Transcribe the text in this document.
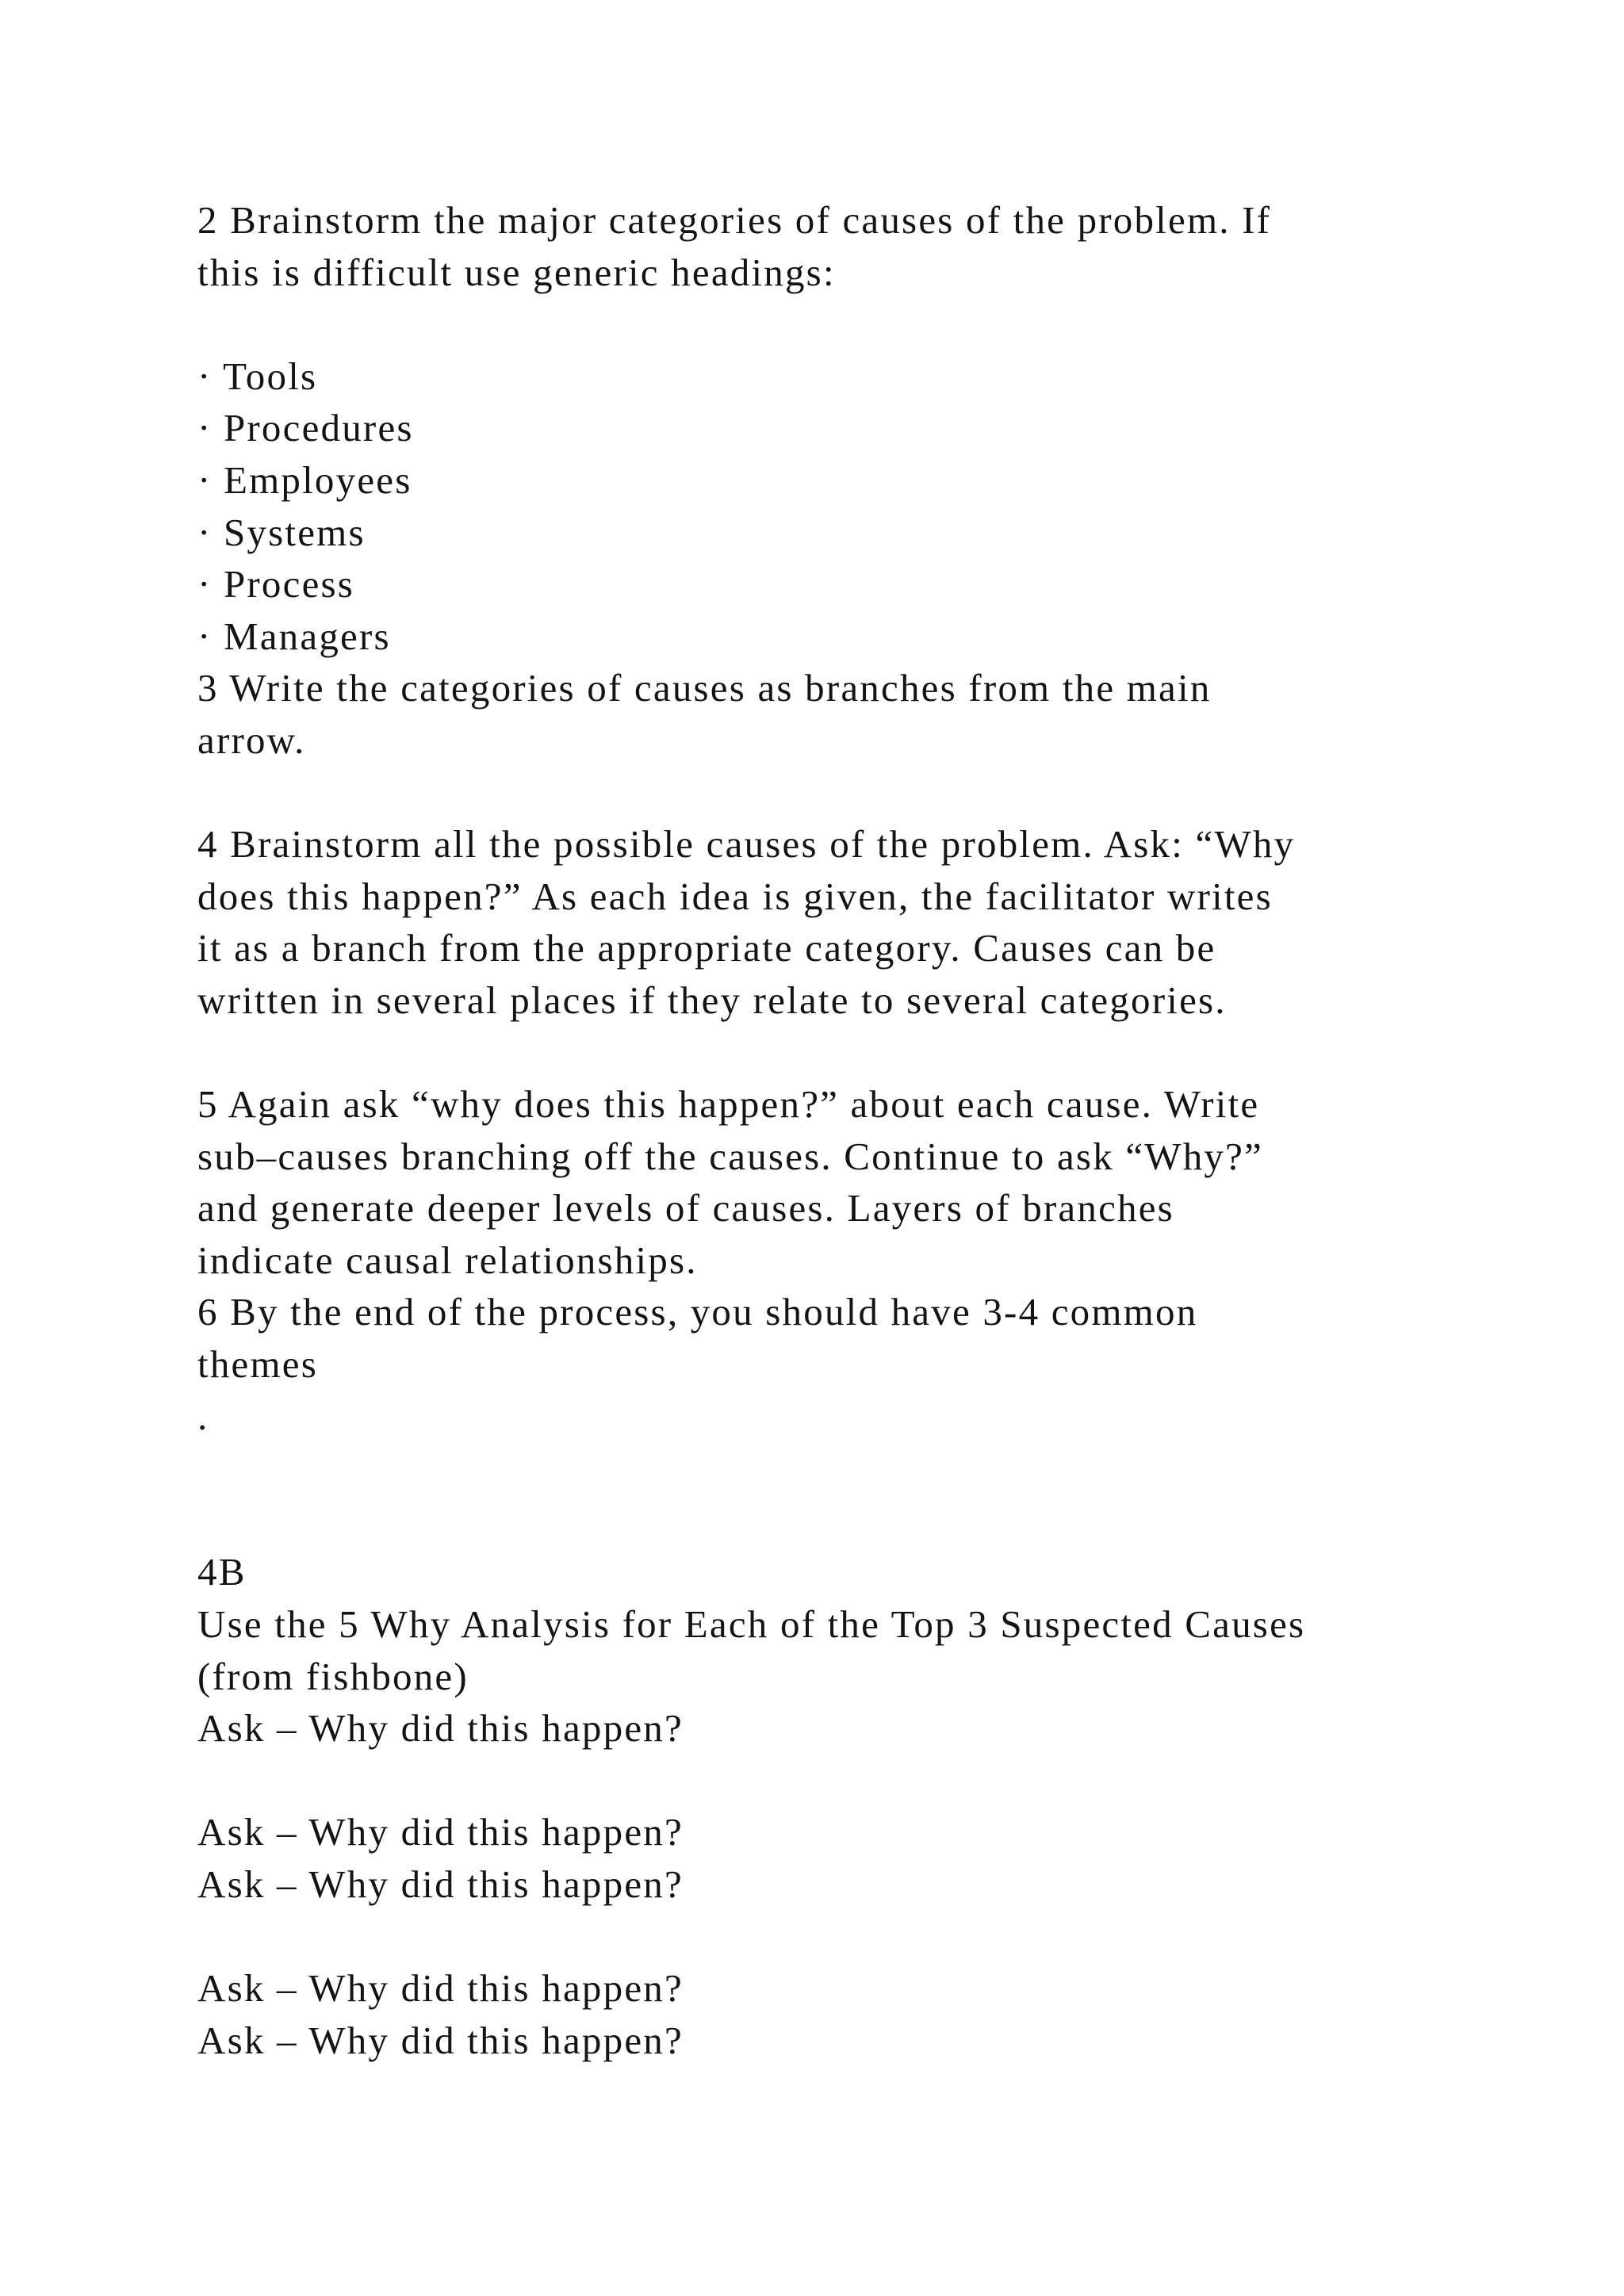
2 Brainstorm the major categories of causes of the problem. If
this is difficult use generic headings:
· Tools
· Procedures
· Employees
· Systems
· Process
· Managers
3 Write the categories of causes as branches from the main
arrow.
4 Brainstorm all the possible causes of the problem. Ask: “Why
does this happen?” As each idea is given, the facilitator writes
it as a branch from the appropriate category. Causes can be
written in several places if they relate to several categories.
5 Again ask “why does this happen?” about each cause. Write
sub–causes branching off the causes. Continue to ask “Why?”
and generate deeper levels of causes. Layers of branches
indicate causal relationships.
6 By the end of the process, you should have 3-4 common
themes
.
4B
Use the 5 Why Analysis for Each of the Top 3 Suspected Causes
(from fishbone)
Ask – Why did this happen?
Ask – Why did this happen?
Ask – Why did this happen?
Ask – Why did this happen?
Ask – Why did this happen?
